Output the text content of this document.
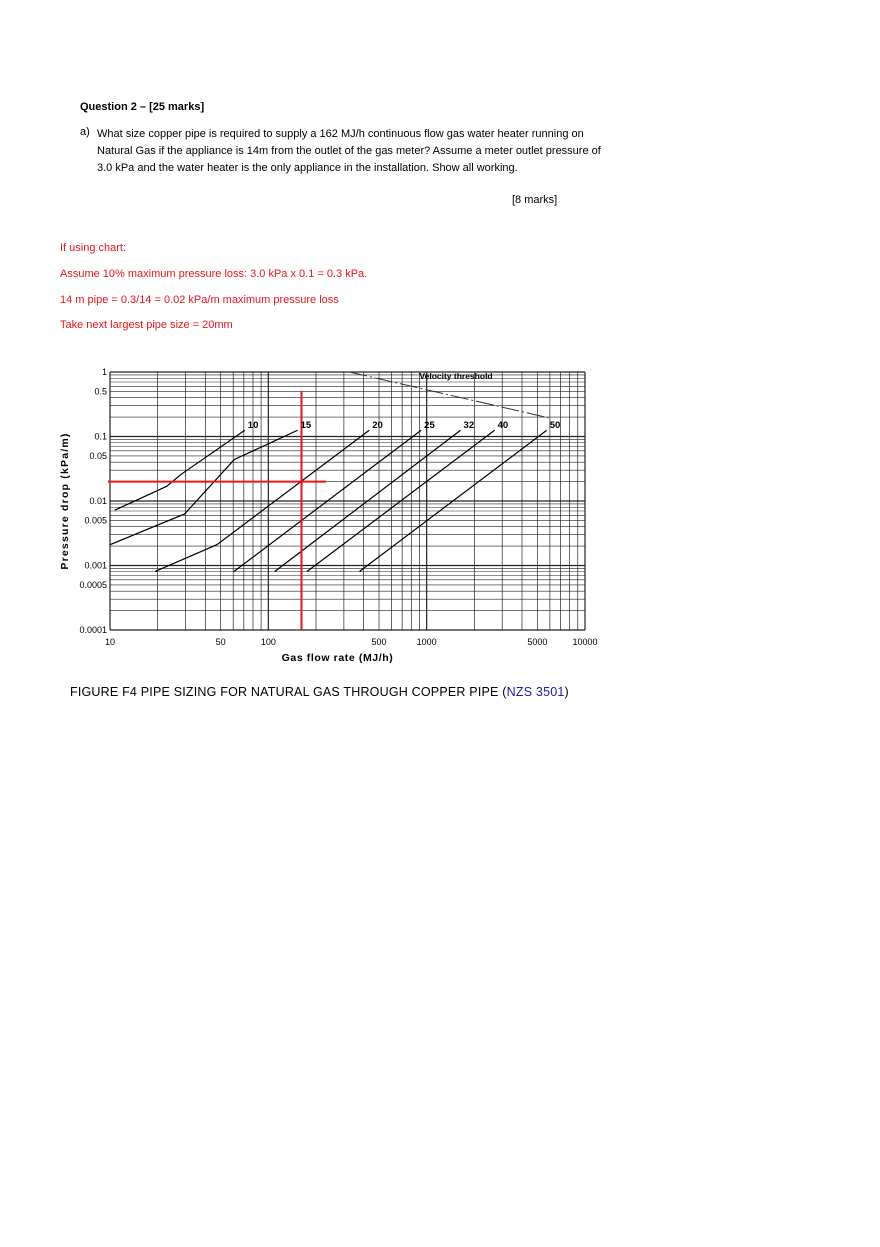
Question 2 – [25 marks]
a) What size copper pipe is required to supply a 162 MJ/h continuous flow gas water heater running on Natural Gas if the appliance is 14m from the outlet of the gas meter? Assume a meter outlet pressure of 3.0 kPa and the water heater is the only appliance in the installation. Show all working.
[8 marks]
If using chart:
Assume 10% maximum pressure loss: 3.0 kPa x 0.1 = 0.3 kPa.
14 m pipe = 0.3/14 = 0.02 kPa/m maximum pressure loss
Take next largest pipe size = 20mm
10	50	100	500	1000	5000	10000
1
0.5
0.1
0.05
0.01
0.005
0.001
0.0005
0.0001
Gas flow rate (MJ/h)
Pressure drop (kPa/m)
10	15	20	25	32 40	50
Velocity threshold
FIGURE F4 PIPE SIZING FOR NATURAL GAS THROUGH COPPER PIPE (NZS 3501)
